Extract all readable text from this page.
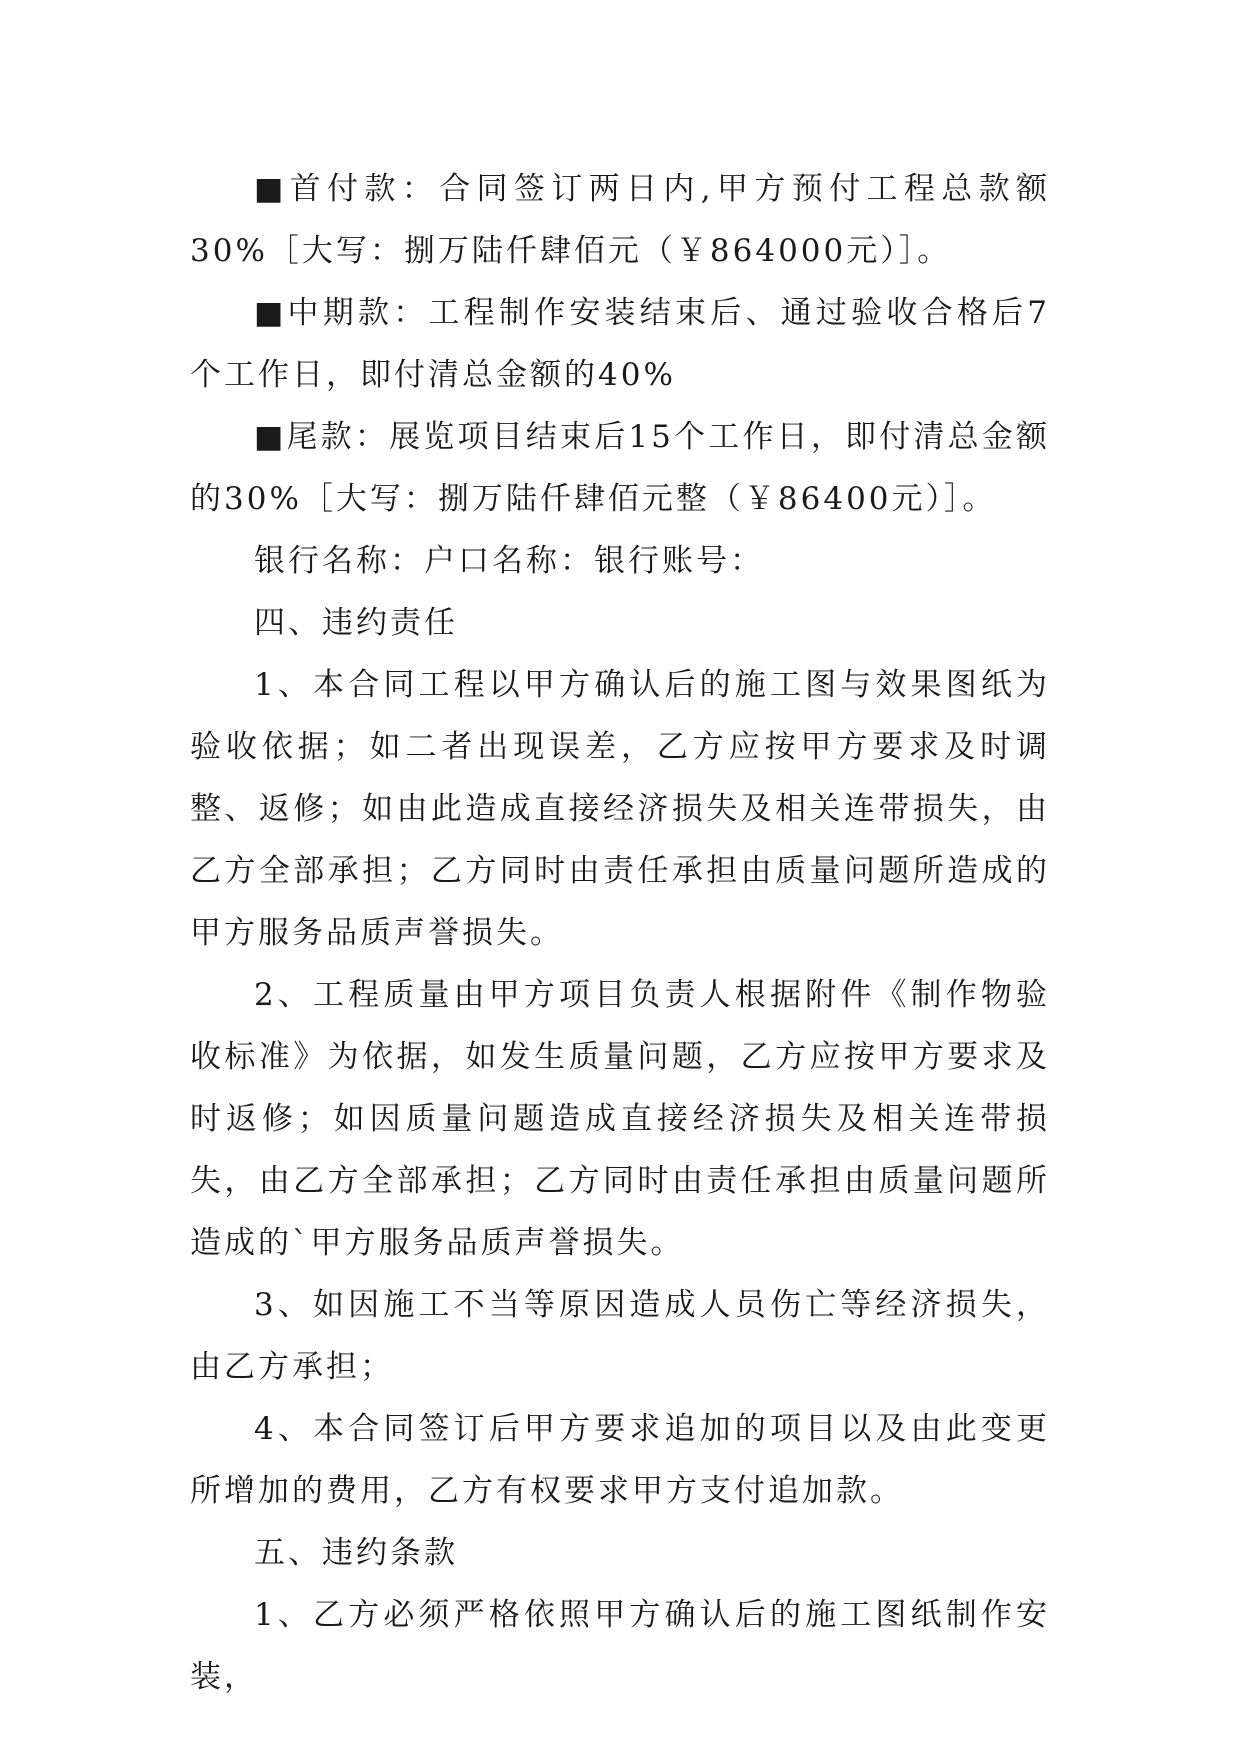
■首付款：合同签订两日内,甲方预付工程总款额30%［大写：捌万陆仟肆佰元（￥864000元）］。

■中期款：工程制作安装结束后、通过验收合格后7个工作日，即付清总金额的40%

■尾款：展览项目结束后15个工作日，即付清总金额的30%［大写：捌万陆仟肆佰元整（￥86400元）］。

银行名称：户口名称：银行账号：

四、违约责任

1、本合同工程以甲方确认后的施工图与效果图纸为验收依据；如二者出现误差，乙方应按甲方要求及时调整、返修；如由此造成直接经济损失及相关连带损失，由乙方全部承担；乙方同时由责任承担由质量问题所造成的甲方服务品质声誉损失。

2、工程质量由甲方项目负责人根据附件《制作物验收标准》为依据，如发生质量问题，乙方应按甲方要求及时返修；如因质量问题造成直接经济损失及相关连带损失，由乙方全部承担；乙方同时由责任承担由质量问题所造成的`甲方服务品质声誉损失。

3、如因施工不当等原因造成人员伤亡等经济损失，由乙方承担；

4、本合同签订后甲方要求追加的项目以及由此变更所增加的费用，乙方有权要求甲方支付追加款。

五、违约条款

1、乙方必须严格依照甲方确认后的施工图纸制作安装，
